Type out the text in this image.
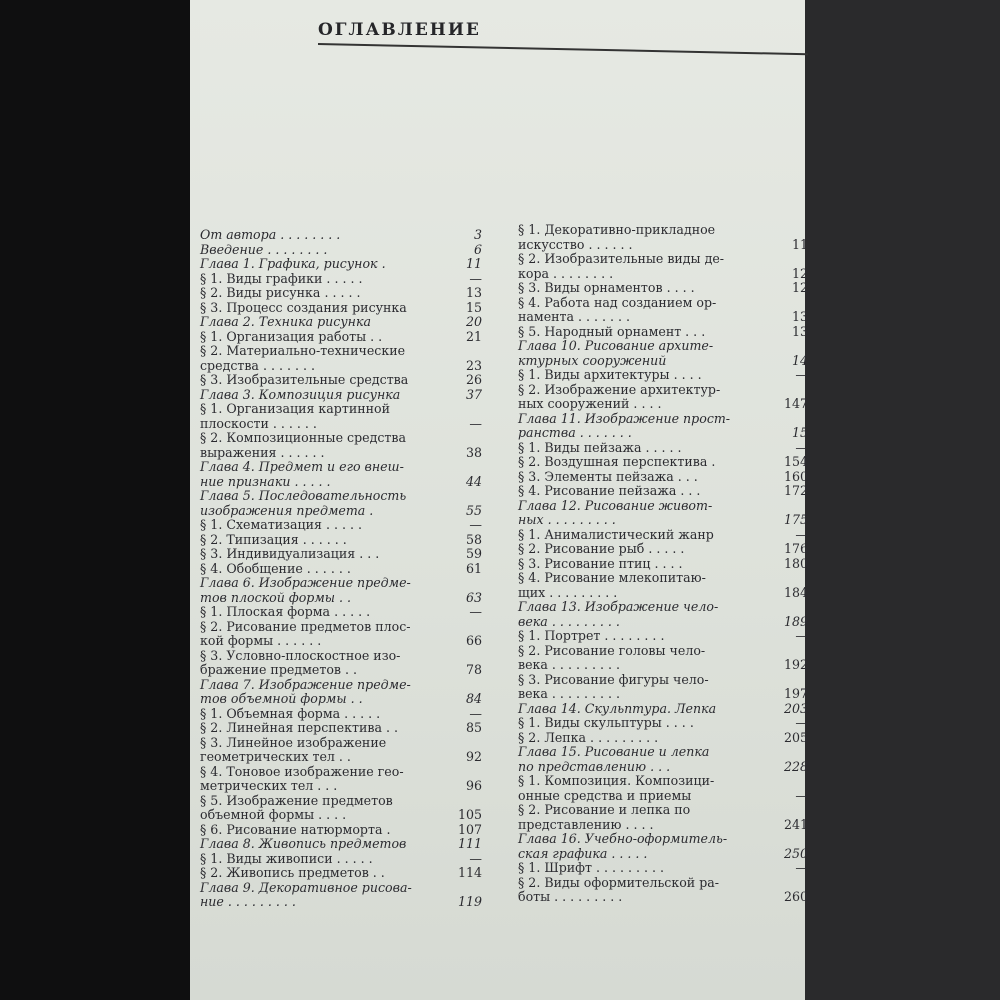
ОГЛАВЛЕНИЕ
От автора . . . . . . . .	3
Введение . . . . . . . .	6
Глава 1. Графика, рисунок .	11
§ 1. Виды графики . . . . .	—
§ 2. Виды рисунка . . . . .	13
§ 3. Процесс создания рисунка	15
Глава 2. Техника рисунка	20
§ 1. Организация работы . .	21
§ 2. Материально-технические
средства . . . . . . .	23
§ 3. Изобразительные средства	26
Глава 3. Композиция рисунка	37
§ 1. Организация картинной
плоскости . . . . . .	—
§ 2. Композиционные средства
выражения . . . . . .	38
Глава 4. Предмет и его внеш-
ние признаки . . . . .	44
Глава 5. Последовательность
изображения предмета .	55
§ 1. Схематизация . . . . .	—
§ 2. Типизация . . . . . .	58
§ 3. Индивидуализация . . .	59
§ 4. Обобщение . . . . . .	61
Глава 6. Изображение предме-
тов плоской формы . .	63
§ 1. Плоская форма . . . . .	—
§ 2. Рисование предметов плос-
кой формы . . . . . .	66
§ 3. Условно-плоскостное изо-
бражение предметов . .	78
Глава 7. Изображение предме-
тов объемной формы . .	84
§ 1. Объемная форма . . . . .	—
§ 2. Линейная перспектива . .	85
§ 3. Линейное изображение
геометрических тел . .	92
§ 4. Тоновое изображение гео-
метрических тел . . .	96
§ 5. Изображение предметов
объемной формы . . . .	105
§ 6. Рисование натюрморта .	107
Глава 8. Живопись предметов	111
§ 1. Виды живописи . . . . .	—
§ 2. Живопись предметов . .	114
Глава 9. Декоративное рисова-
ние . . . . . . . . .	119
§ 1. Декоративно-прикладное
искусство . . . . . .	11
§ 2. Изобразительные виды де-
кора . . . . . . . .	12
§ 3. Виды орнаментов . . . .	12
§ 4. Работа над созданием ор-
намента . . . . . . .	13
§ 5. Народный орнамент . . .	13
Глава 10. Рисование архите-
ктурных сооружений	14
§ 1. Виды архитектуры . . . .	—
§ 2. Изображение архитектур-
ных сооружений . . . .	147
Глава 11. Изображение прост-
ранства . . . . . . .	15
§ 1. Виды пейзажа . . . . .	—
§ 2. Воздушная перспектива .	154
§ 3. Элементы пейзажа . . .	160
§ 4. Рисование пейзажа . . .	172
Глава 12. Рисование живот-
ных . . . . . . . . .	175
§ 1. Анималистический жанр	—
§ 2. Рисование рыб . . . . .	176
§ 3. Рисование птиц . . . .	180
§ 4. Рисование млекопитаю-
щих . . . . . . . . .	184
Глава 13. Изображение чело-
века . . . . . . . . .	189
§ 1. Портрет . . . . . . . .	—
§ 2. Рисование головы чело-
века . . . . . . . . .	192
§ 3. Рисование фигуры чело-
века . . . . . . . . .	197
Глава 14. Скульптура. Лепка	203
§ 1. Виды скульптуры . . . .	—
§ 2. Лепка . . . . . . . . .	205
Глава 15. Рисование и лепка
по представлению . . .	228
§ 1. Композиция. Композици-
онные средства и приемы	—
§ 2. Рисование и лепка по
представлению . . . .	241
Глава 16. Учебно-оформитель-
ская графика . . . . .	250
§ 1. Шрифт . . . . . . . . .	—
§ 2. Виды оформительской ра-
боты . . . . . . . . .	260
